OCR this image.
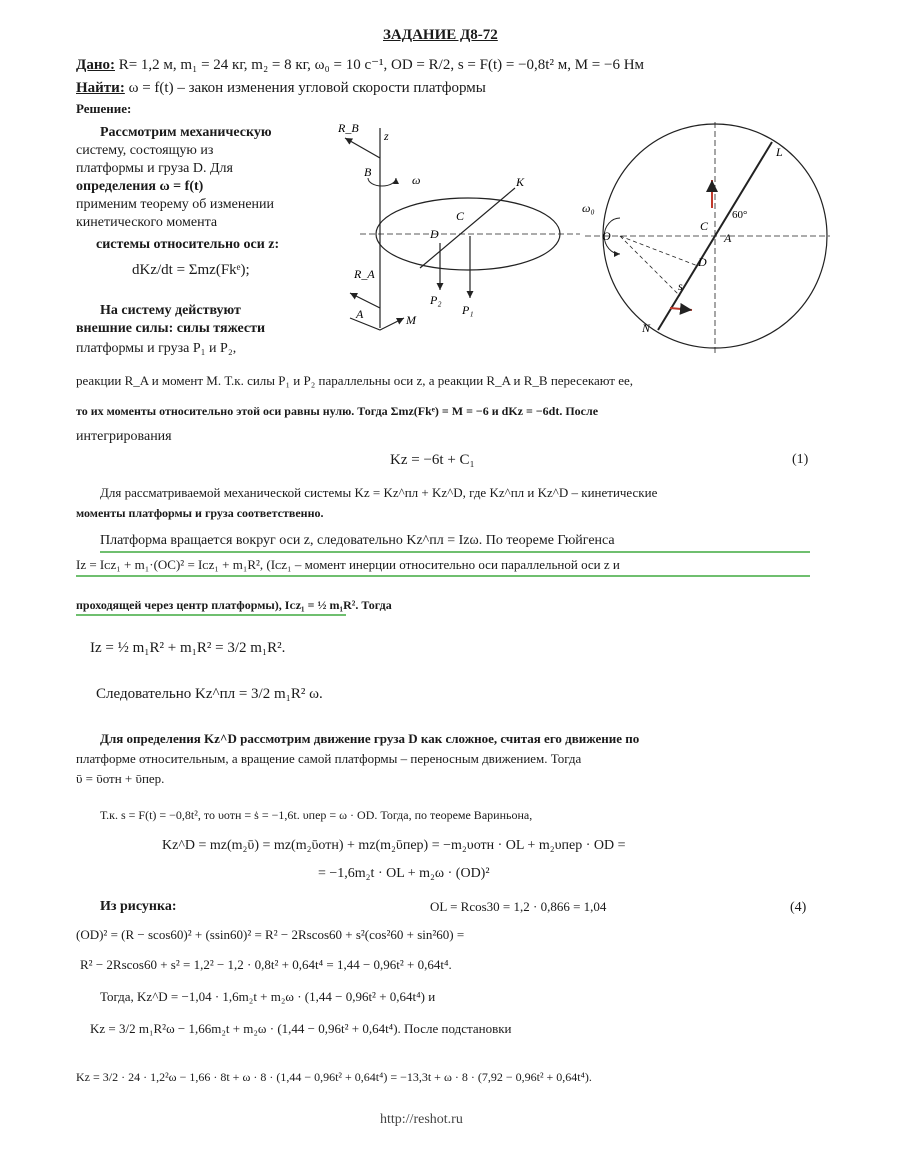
ЗАДАНИЕ Д8-72
Дано: R= 1,2 м, m₁ = 24 кг, m₂ = 8 кг, ω₀ = 10 с⁻¹, OD = R/2, s = F(t) = −0,8t² м, M = −6 Нм
Найти: ω = f(t) – закон изменения угловой скорости платформы
Решение:
Рассмотрим механическую
систему, состоящую из
платформы и груза D. Для
определения ω = f(t)
применим теорему об изменении
кинетического момента
системы относительно оси z:
dKz/dt = Σmz(Fkᵉ);
На систему действуют
внешние силы: силы тяжести
платформы и груза P₁ и P₂,
реакции R_A и момент M. Т.к. силы P₁ и P₂ параллельны оси z, а реакции R_A и R_B пересекают ее,
то их моменты относительно этой оси равны нулю. Тогда Σmz(Fkᵉ) = M = −6 и dKz = −6dt. После
интегрирования
Kz = −6t + C₁	(1)
Для рассматриваемой механической системы Kz = Kz^пл + Kz^D, где Kz^пл и Kz^D – кинетические
моменты платформы и груза соответственно.
Платформа вращается вокруг оси z, следовательно Kz^пл = Izω. По теореме Гюйгенса
Iz = Iᴄz₁ + m₁·(OC)² = Iᴄz₁ + m₁R², (Iᴄz₁ – момент инерции относительно оси параллельной оси z и
проходящей через центр платформы), Iᴄz₁ = ½ m₁R². Тогда
Iz = ½ m₁R² + m₁R² = 3/2 m₁R².
Следовательно Kz^пл = 3/2 m₁R² ω.
Для определения Kz^D рассмотрим движение груза D как сложное, считая его движение по
платформе относительным, а вращение самой платформы – переносным движением. Тогда
ῡ = ῡотн + ῡпер.
Т.к. s = F(t) = −0,8t², то υотн = ṡ = −1,6t. υпер = ω · OD. Тогда, по теореме Вариньона,
Kz^D = mz(m₂ῡ) = mz(m₂ῡотн) + mz(m₂ῡпер) = −m₂υотн · OL + m₂υпер · OD =
= −1,6m₂t · OL + m₂ω · (OD)²
Из рисунка:	OL = Rcos30 = 1,2 · 0,866 = 1,04	(4)
(OD)² = (R − scos60)² + (ssin60)² = R² − 2Rscos60 + s²(cos²60 + sin²60) =
R² − 2Rscos60 + s² = 1,2² − 1,2 · 0,8t² + 0,64t⁴ = 1,44 − 0,96t² + 0,64t⁴.
Тогда, Kz^D = −1,04 · 1,6m₂t + m₂ω · (1,44 − 0,96t² + 0,64t⁴) и
Kz = 3/2 m₁R²ω − 1,66m₂t + m₂ω · (1,44 − 0,96t² + 0,64t⁴). После подстановки
Kz = 3/2 · 24 · 1,2²ω − 1,66 · 8t + ω · 8 · (1,44 − 0,96t² + 0,64t⁴) = −13,3t + ω · 8 · (7,92 − 0,96t² + 0,64t⁴).
http://reshot.ru
z
R_B
B
ω	K
C
D
P₁
P₂
R_A
A	M
ω₀
O
C
A
L
N
D
s
60°
